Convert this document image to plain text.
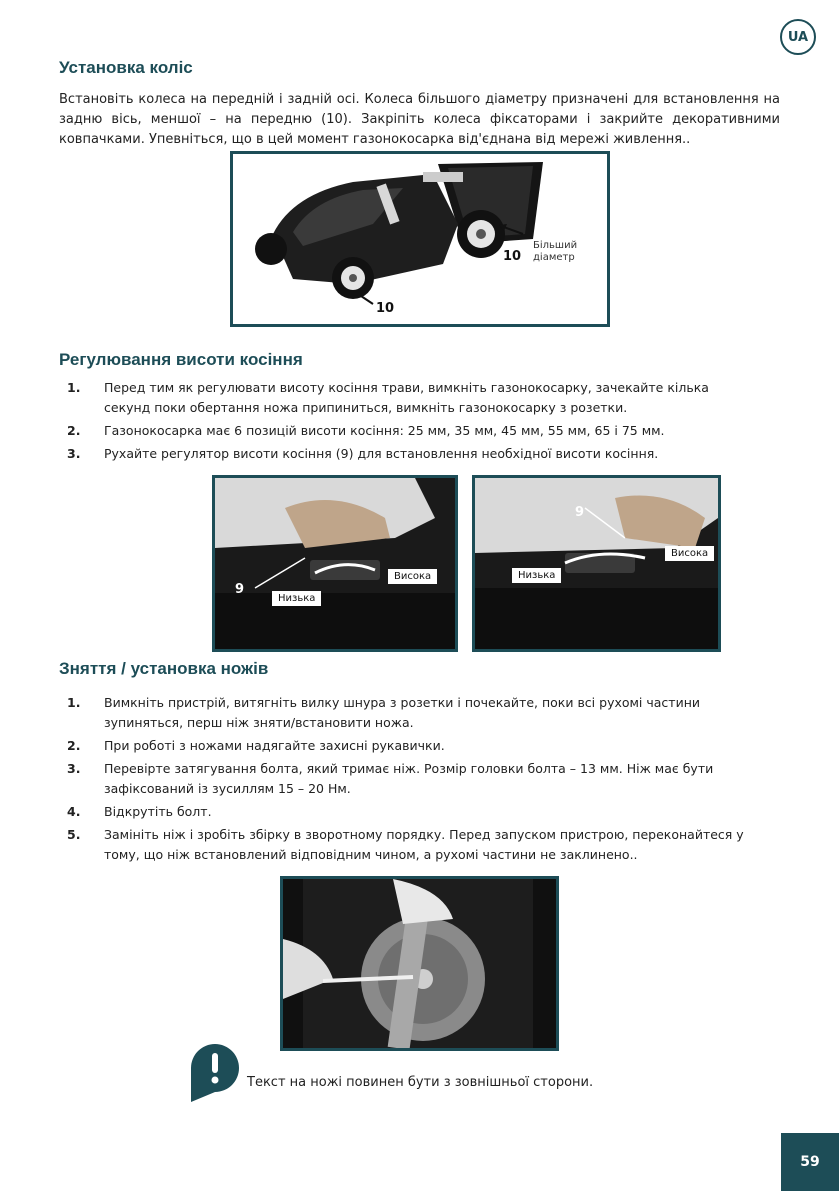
UA
Установка коліс

Встановіть колеса на передній і задній осі. Колеса більшого діаметру призначені для встановлення на задню вісь, меншої – на передню (10). Закріпіть колеса фіксаторами і закрийте декоративними ковпачками. Упевніться, що в цей момент газонокосарка від'єднана від мережі живлення..

10
Більший
діаметр
10
Регулювання висоти косіння
1. Перед тим як регулювати висоту косіння трави, вимкніть газонокосарку, зачекайте кілька секунд поки обертання ножа припиниться, вимкніть газонокосарку з розетки.
2. Газонокосарка має 6 позицій висоти косіння: 25 мм, 35 мм, 45 мм, 55 мм, 65 і 75 мм.
3. Рухайте регулятор висоти косіння (9) для встановлення необхідної висоти косіння.
9
Висока
Низька
9
Висока
Низька
Зняття / установка ножів
1. Вимкніть пристрій, витягніть вилку шнура з розетки і почекайте, поки всі рухомі частини зупиняться, перш ніж зняти/встановити ножа.
2. При роботі з ножами надягайте захисні рукавички.
3. Перевірте затягування болта, який тримає ніж. Розмір головки болта – 13 мм. Ніж має бути зафіксований із зусиллям 15 – 20 Нм.
4. Відкрутіть болт.
5. Замініть ніж і зробіть збірку в зворотному порядку. Перед запуском пристрою, переконайтеся у тому, що ніж встановлений відповідним чином, а рухомі частини не заклинено..
Текст на ножі повинен бути з зовнішньої сторони.
59
